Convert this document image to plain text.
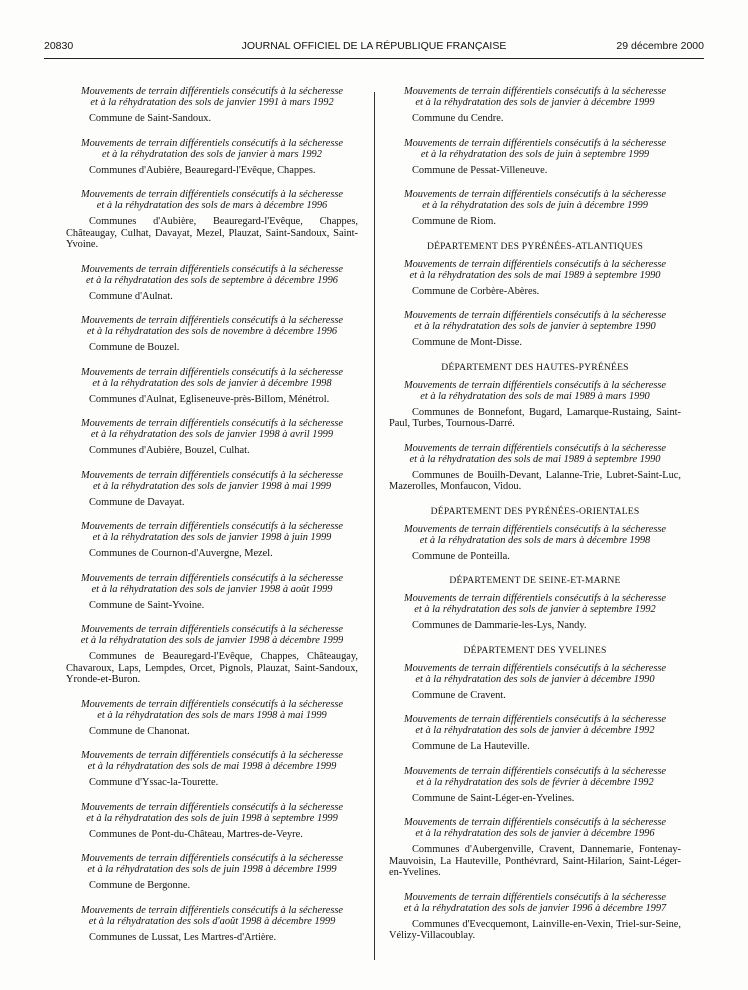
20830	JOURNAL OFFICIEL DE LA RÉPUBLIQUE FRANÇAISE	29 décembre 2000
Mouvements de terrain différentiels consécutifs à la sécheresse
et à la réhydratation des sols de janvier 1991 à mars 1992
Commune de Saint-Sandoux.
Mouvements de terrain différentiels consécutifs à la sécheresse
et à la réhydratation des sols de janvier à mars 1992
Communes d'Aubière, Beauregard-l'Evêque, Chappes.
Mouvements de terrain différentiels consécutifs à la sécheresse
et à la réhydratation des sols de mars à décembre 1996
Communes d'Aubière, Beauregard-l'Evêque, Chappes, Châteaugay, Culhat, Davayat, Mezel, Plauzat, Saint-Sandoux, Saint-Yvoine.
Mouvements de terrain différentiels consécutifs à la sécheresse
et à la réhydratation des sols de septembre à décembre 1996
Commune d'Aulnat.
Mouvements de terrain différentiels consécutifs à la sécheresse
et à la réhydratation des sols de novembre à décembre 1996
Commune de Bouzel.
Mouvements de terrain différentiels consécutifs à la sécheresse
et à la réhydratation des sols de janvier à décembre 1998
Communes d'Aulnat, Egliseneuve-près-Billom, Ménétrol.
Mouvements de terrain différentiels consécutifs à la sécheresse
et à la réhydratation des sols de janvier 1998 à avril 1999
Communes d'Aubière, Bouzel, Culhat.
Mouvements de terrain différentiels consécutifs à la sécheresse
et à la réhydratation des sols de janvier 1998 à mai 1999
Commune de Davayat.
Mouvements de terrain différentiels consécutifs à la sécheresse
et à la réhydratation des sols de janvier 1998 à juin 1999
Communes de Cournon-d'Auvergne, Mezel.
Mouvements de terrain différentiels consécutifs à la sécheresse
et à la réhydratation des sols de janvier 1998 à août 1999
Commune de Saint-Yvoine.
Mouvements de terrain différentiels consécutifs à la sécheresse
et à la réhydratation des sols de janvier 1998 à décembre 1999
Communes de Beauregard-l'Evêque, Chappes, Châteaugay, Chavaroux, Laps, Lempdes, Orcet, Pignols, Plauzat, Saint-Sandoux, Yronde-et-Buron.
Mouvements de terrain différentiels consécutifs à la sécheresse
et à la réhydratation des sols de mars 1998 à mai 1999
Commune de Chanonat.
Mouvements de terrain différentiels consécutifs à la sécheresse
et à la réhydratation des sols de mai 1998 à décembre 1999
Commune d'Yssac-la-Tourette.
Mouvements de terrain différentiels consécutifs à la sécheresse
et à la réhydratation des sols de juin 1998 à septembre 1999
Communes de Pont-du-Château, Martres-de-Veyre.
Mouvements de terrain différentiels consécutifs à la sécheresse
et à la réhydratation des sols de juin 1998 à décembre 1999
Commune de Bergonne.
Mouvements de terrain différentiels consécutifs à la sécheresse
et à la réhydratation des sols d'août 1998 à décembre 1999
Communes de Lussat, Les Martres-d'Artière.
Mouvements de terrain différentiels consécutifs à la sécheresse
et à la réhydratation des sols de janvier à décembre 1999
Commune du Cendre.
Mouvements de terrain différentiels consécutifs à la sécheresse
et à la réhydratation des sols de juin à septembre 1999
Commune de Pessat-Villeneuve.
Mouvements de terrain différentiels consécutifs à la sécheresse
et à la réhydratation des sols de juin à décembre 1999
Commune de Riom.
DÉPARTEMENT DES PYRÉNÉES-ATLANTIQUES
Mouvements de terrain différentiels consécutifs à la sécheresse
et à la réhydratation des sols de mai 1989 à septembre 1990
Commune de Corbère-Abères.
Mouvements de terrain différentiels consécutifs à la sécheresse
et à la réhydratation des sols de janvier à septembre 1990
Commune de Mont-Disse.
DÉPARTEMENT DES HAUTES-PYRÉNÉES
Mouvements de terrain différentiels consécutifs à la sécheresse
et à la réhydratation des sols de mai 1989 à mars 1990
Communes de Bonnefont, Bugard, Lamarque-Rustaing, Saint-Paul, Turbes, Tournous-Darré.
Mouvements de terrain différentiels consécutifs à la sécheresse
et à la réhydratation des sols de mai 1989 à septembre 1990
Communes de Bouilh-Devant, Lalanne-Trie, Lubret-Saint-Luc, Mazerolles, Monfaucon, Vidou.
DÉPARTEMENT DES PYRÉNÉES-ORIENTALES
Mouvements de terrain différentiels consécutifs à la sécheresse
et à la réhydratation des sols de mars à décembre 1998
Commune de Ponteilla.
DÉPARTEMENT DE SEINE-ET-MARNE
Mouvements de terrain différentiels consécutifs à la sécheresse
et à la réhydratation des sols de janvier à septembre 1992
Communes de Dammarie-les-Lys, Nandy.
DÉPARTEMENT DES YVELINES
Mouvements de terrain différentiels consécutifs à la sécheresse
et à la réhydratation des sols de janvier à décembre 1990
Commune de Cravent.
Mouvements de terrain différentiels consécutifs à la sécheresse
et à la réhydratation des sols de janvier à décembre 1992
Commune de La Hauteville.
Mouvements de terrain différentiels consécutifs à la sécheresse
et à la réhydratation des sols de février à décembre 1992
Commune de Saint-Léger-en-Yvelines.
Mouvements de terrain différentiels consécutifs à la sécheresse
et à la réhydratation des sols de janvier à décembre 1996
Communes d'Aubergenville, Cravent, Dannemarie, Fontenay-Mauvoisin, La Hauteville, Ponthévrard, Saint-Hilarion, Saint-Léger-en-Yvelines.
Mouvements de terrain différentiels consécutifs à la sécheresse
et à la réhydratation des sols de janvier 1996 à décembre 1997
Communes d'Evecquemont, Lainville-en-Vexin, Triel-sur-Seine, Vélizy-Villacoublay.
